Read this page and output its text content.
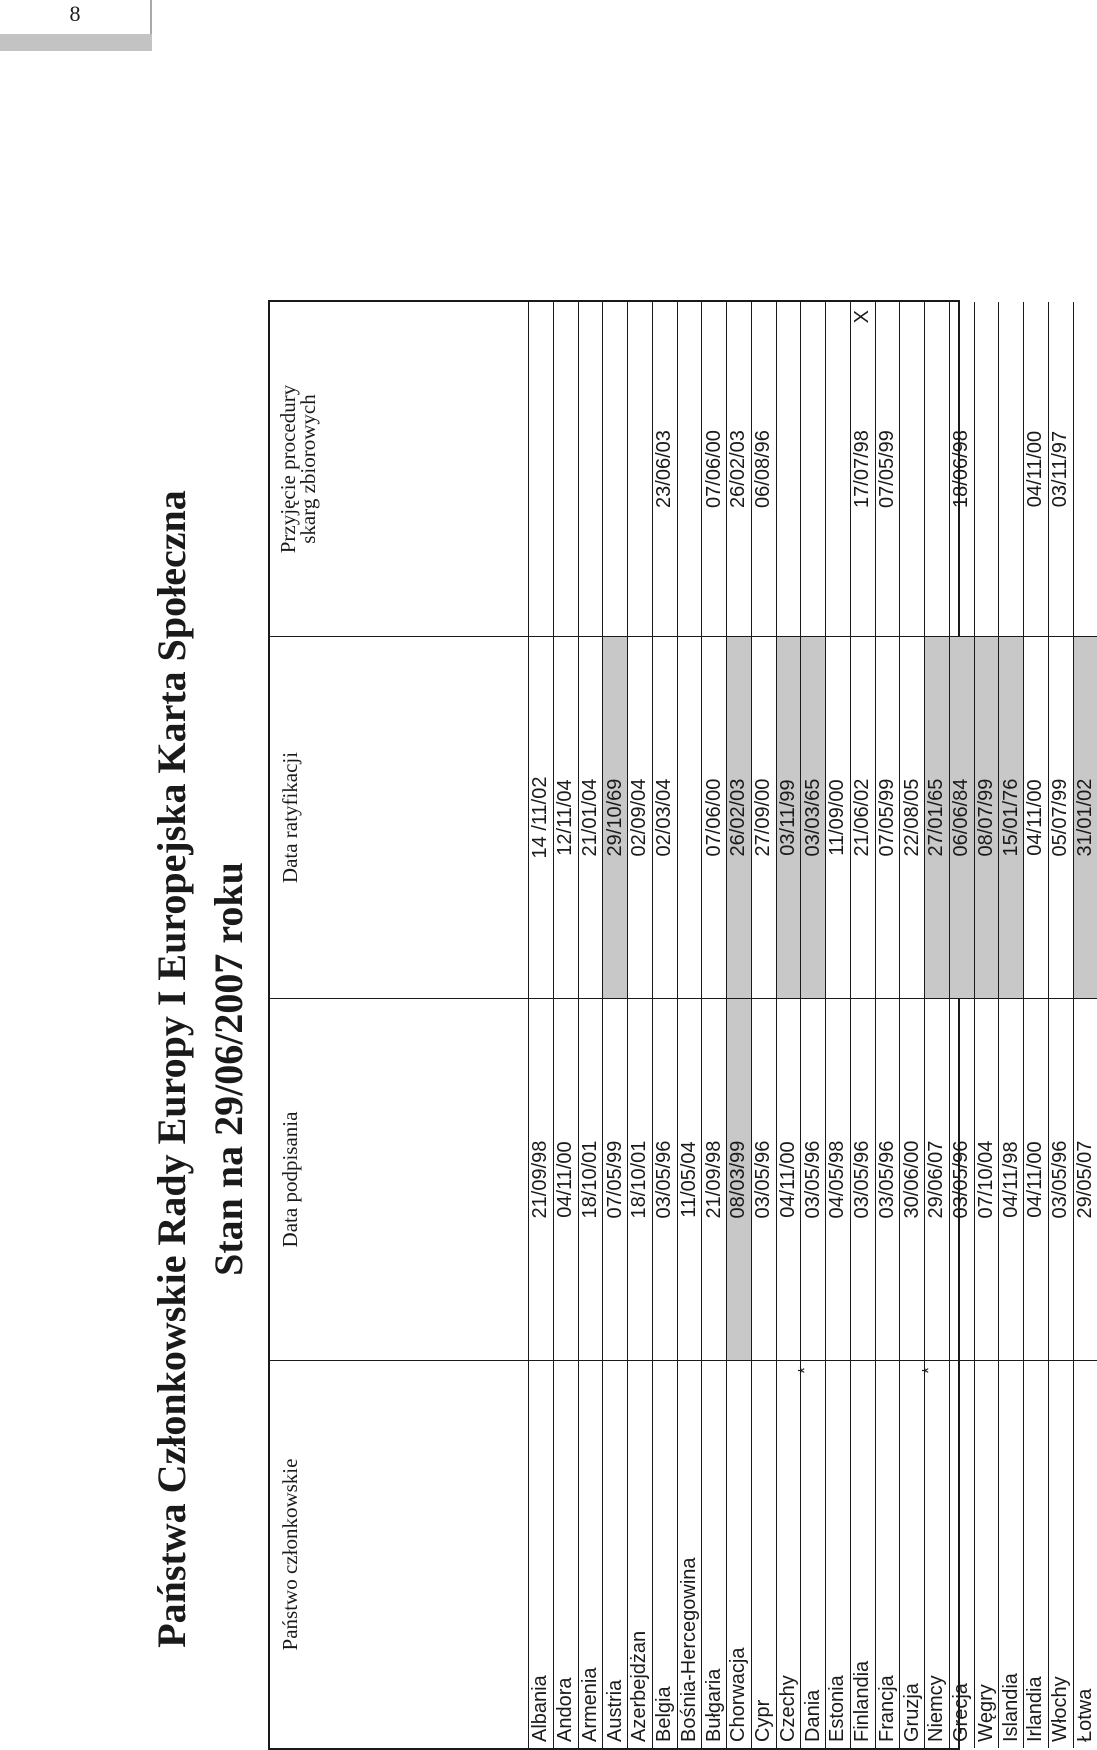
8
Państwa Członkowskie Rady Europy I Europejska Karta Społeczna Stan na 29/06/2007 roku
Państwo członkowskie
Data podpisania
Data ratyfikacji
Przyjęcie procedury
skarg zbiorowych
Albania
21/09/98
14 /11/02
Andora
04/11/00
12/11/04
Armenia
18/10/01
21/01/04
Austria
07/05/99
29/10/69
Azerbejdżan
18/10/01
02/09/04
Belgia
03/05/96
02/03/04
23/06/03
Bośnia-Hercegowina
11/05/04
Bułgaria
21/09/98
07/06/00
07/06/00
Chorwacja
08/03/99
26/02/03
26/02/03
Cypr
03/05/96
27/09/00
06/08/96
Czechy
04/11/00
03/11/99
Dania
*
03/05/96
03/03/65
Estonia
04/05/98
11/09/00
Finlandia
03/05/96
21/06/02
17/07/98
X
Francja
03/05/96
07/05/99
07/05/99
Gruzja
30/06/00
22/08/05
Niemcy
*
29/06/07
27/01/65
Grecja
03/05/96
06/06/84
18/06/98
Węgry
07/10/04
08/07/99
Islandia
04/11/98
15/01/76
Irlandia
04/11/00
04/11/00
04/11/00
Włochy
03/05/96
05/07/99
03/11/97
Łotwa
29/05/07
31/01/02
